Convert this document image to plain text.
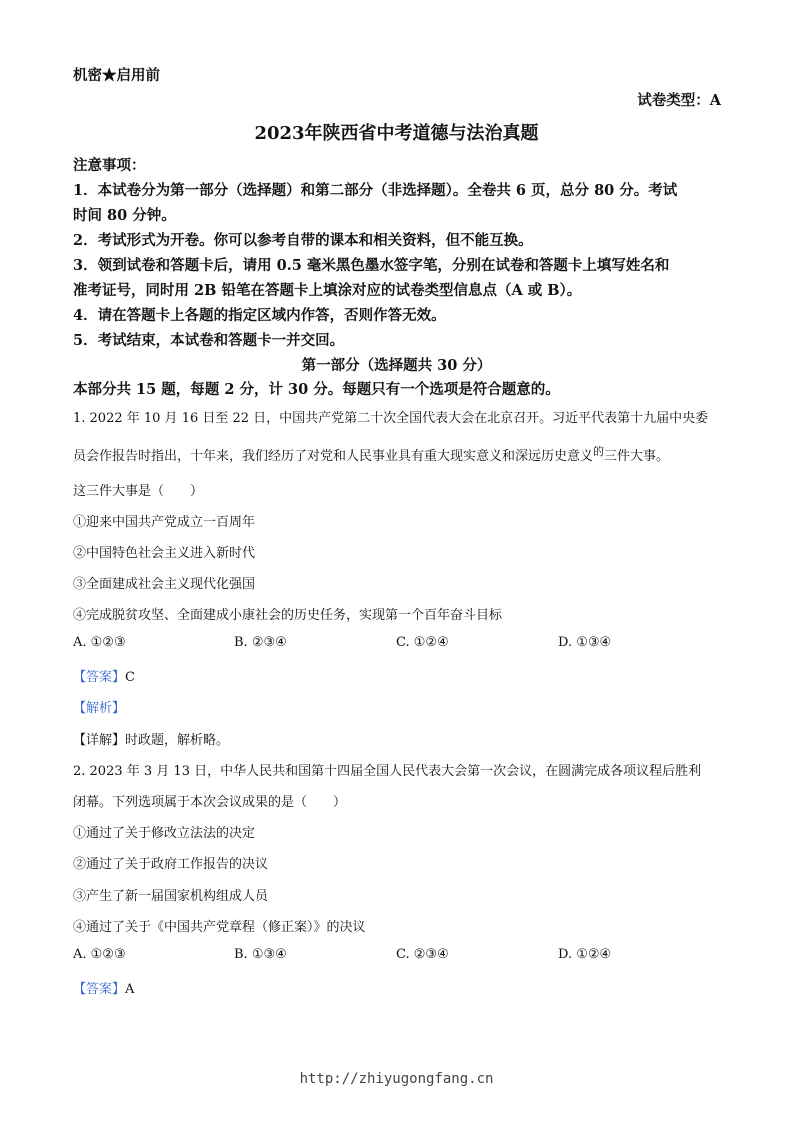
机密★启用前
试卷类型：A
2023年陕西省中考道德与法治真题
注意事项：
1．本试卷分为第一部分（选择题）和第二部分（非选择题）。全卷共 6 页，总分 80 分。考试
时间 80 分钟。
2．考试形式为开卷。你可以参考自带的课本和相关资料，但不能互换。
3．领到试卷和答题卡后，请用 0.5 毫米黑色墨水签字笔，分别在试卷和答题卡上填写姓名和
准考证号，同时用 2B 铅笔在答题卡上填涂对应的试卷类型信息点（A 或 B）。
4．请在答题卡上各题的指定区域内作答，否则作答无效。
5．考试结束，本试卷和答题卡一并交回。
第一部分（选择题共 30 分）
本部分共 15 题，每题 2 分，计 30 分。每题只有一个选项是符合题意的。
1. 2022 年 10 月 16 日至 22 日，中国共产党第二十次全国代表大会在北京召开。习近平代表第十九届中央委
员会作报告时指出，十年来，我们经历了对党和人民事业具有重大现实意义和深远历史意义$^的$三件大事。
这三件大事是（　　）
①迎来中国共产党成立一百周年
②中国特色社会主义进入新时代
③全面建成社会主义现代化强国
④完成脱贫攻坚、全面建成小康社会的历史任务，实现第一个百年奋斗目标
A. ①②③	B. ②③④	C. ①②④	D. ①③④
【答案】C
【解析】
【详解】时政题，解析略。
2. 2023 年 3 月 13 日，中华人民共和国第十四届全国人民代表大会第一次会议，在圆满完成各项议程后胜利
闭幕。下列选项属于本次会议成果的是（　　）
①通过了关于修改立法法的决定
②通过了关于政府工作报告的决议
③产生了新一届国家机构组成人员
④通过了关于《中国共产党章程（修正案）》的决议
A. ①②③	B. ①③④	C. ②③④	D. ①②④
【答案】A
http://zhiyugongfang.cn
